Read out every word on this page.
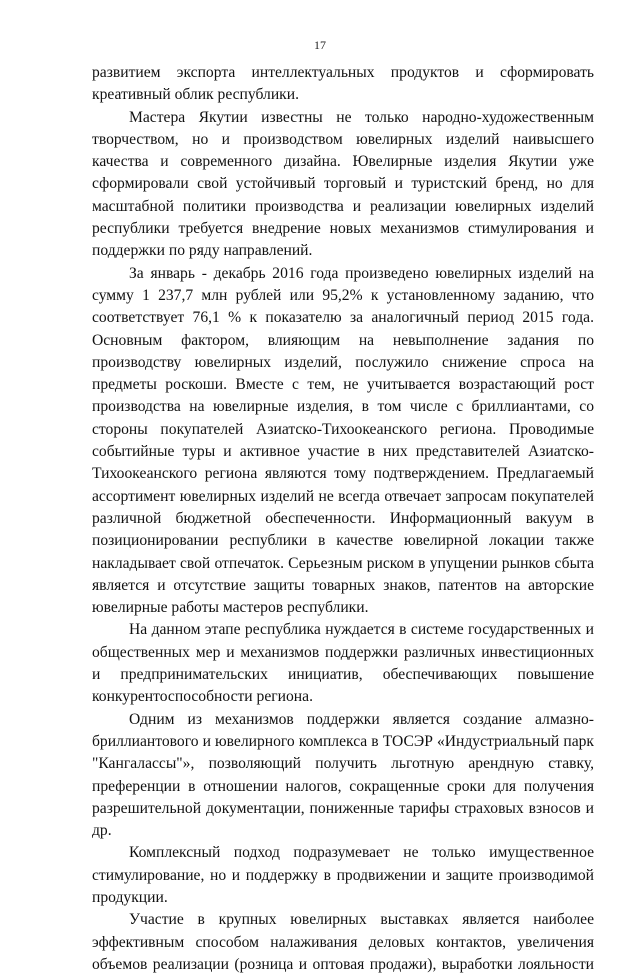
17

развитием экспорта интеллектуальных продуктов и сформировать креативный облик республики.

Мастера Якутии известны не только народно-художественным творчеством, но и производством ювелирных изделий наивысшего качества и современного дизайна. Ювелирные изделия Якутии уже сформировали свой устойчивый торговый и туристский бренд, но для масштабной политики производства и реализации ювелирных изделий республики требуется внедрение новых механизмов стимулирования и поддержки по ряду направлений.

За январь - декабрь 2016 года произведено ювелирных изделий на сумму 1 237,7 млн рублей или 95,2% к установленному заданию, что соответствует 76,1 % к показателю за аналогичный период 2015 года. Основным фактором, влияющим на невыполнение задания по производству ювелирных изделий, послужило снижение спроса на предметы роскоши. Вместе с тем, не учитывается возрастающий рост производства на ювелирные изделия, в том числе с бриллиантами, со стороны покупателей Азиатско-Тихоокеанского региона. Проводимые событийные туры и активное участие в них представителей Азиатско-Тихоокеанского региона являются тому подтверждением. Предлагаемый ассортимент ювелирных изделий не всегда отвечает запросам покупателей различной бюджетной обеспеченности. Информационный вакуум в позиционировании республики в качестве ювелирной локации также накладывает свой отпечаток. Серьезным риском в упущении рынков сбыта является и отсутствие защиты товарных знаков, патентов на авторские ювелирные работы мастеров республики.

На данном этапе республика нуждается в системе государственных и общественных мер и механизмов поддержки различных инвестиционных и предпринимательских инициатив, обеспечивающих повышение конкурентоспособности региона.

Одним из механизмов поддержки является создание алмазно-бриллиантового и ювелирного комплекса в ТОСЭР «Индустриальный парк "Кангалассы"», позволяющий получить льготную арендную ставку, преференции в отношении налогов, сокращенные сроки для получения разрешительной документации, пониженные тарифы страховых взносов и др.

Комплексный подход подразумевает не только имущественное стимулирование, но и поддержку в продвижении и защите производимой продукции.

Участие в крупных ювелирных выставках является наиболее эффективным способом налаживания деловых контактов, увеличения объемов реализации (розница и оптовая продажи), выработки лояльности
